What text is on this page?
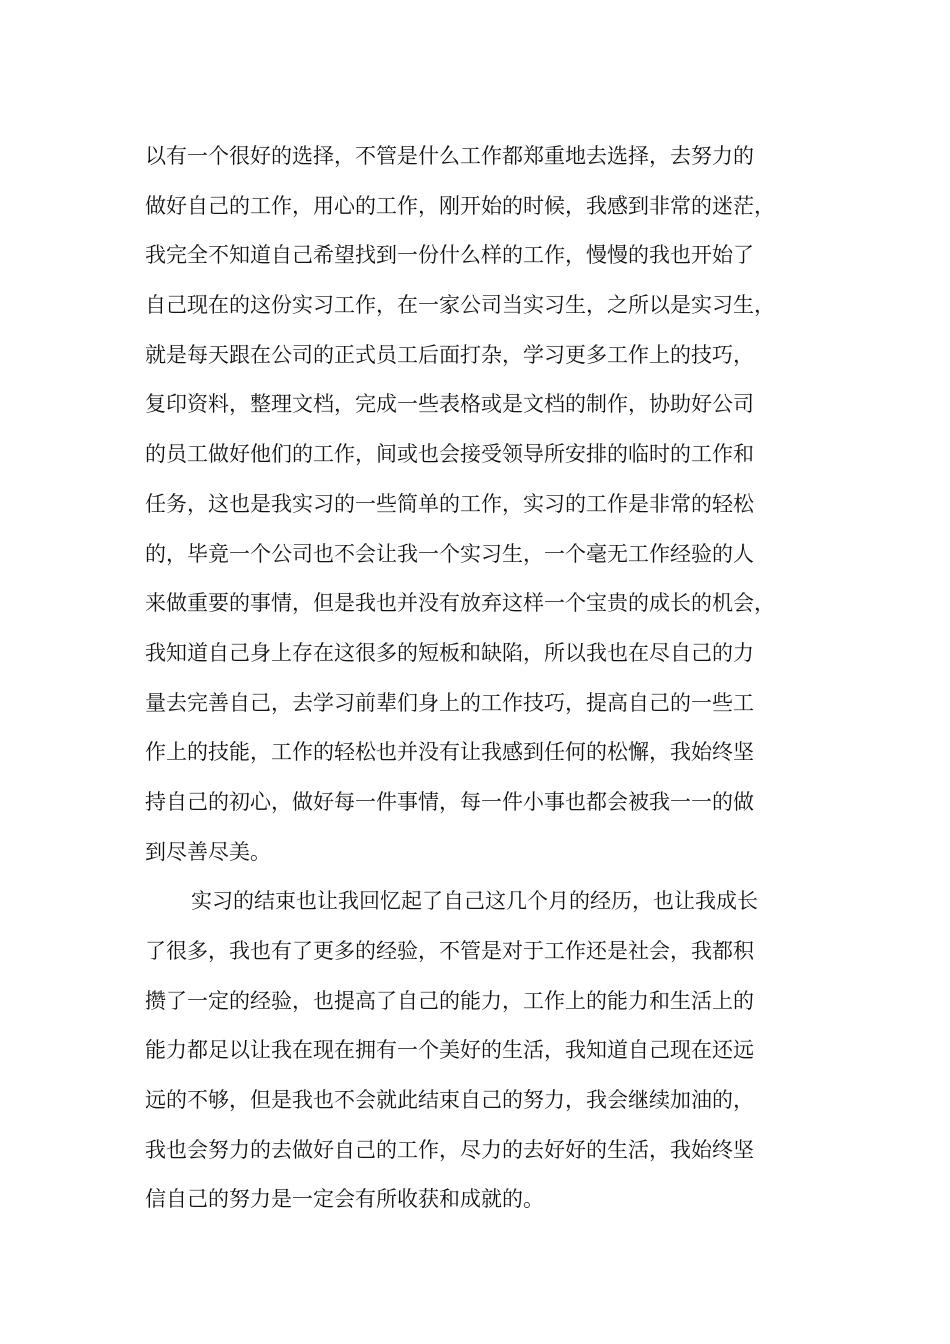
以有一个很好的选择，不管是什么工作都郑重地去选择，去努力的
做好自己的工作，用心的工作，刚开始的时候，我感到非常的迷茫，
我完全不知道自己希望找到一份什么样的工作，慢慢的我也开始了
自己现在的这份实习工作，在一家公司当实习生，之所以是实习生，
就是每天跟在公司的正式员工后面打杂，学习更多工作上的技巧，
复印资料，整理文档，完成一些表格或是文档的制作，协助好公司
的员工做好他们的工作，间或也会接受领导所安排的临时的工作和
任务，这也是我实习的一些简单的工作，实习的工作是非常的轻松
的，毕竟一个公司也不会让我一个实习生，一个毫无工作经验的人
来做重要的事情，但是我也并没有放弃这样一个宝贵的成长的机会，
我知道自己身上存在这很多的短板和缺陷，所以我也在尽自己的力
量去完善自己，去学习前辈们身上的工作技巧，提高自己的一些工
作上的技能，工作的轻松也并没有让我感到任何的松懈，我始终坚
持自己的初心，做好每一件事情，每一件小事也都会被我一一的做
到尽善尽美。
实习的结束也让我回忆起了自己这几个月的经历，也让我成长
了很多，我也有了更多的经验，不管是对于工作还是社会，我都积
攒了一定的经验，也提高了自己的能力，工作上的能力和生活上的
能力都足以让我在现在拥有一个美好的生活，我知道自己现在还远
远的不够，但是我也不会就此结束自己的努力，我会继续加油的，
我也会努力的去做好自己的工作，尽力的去好好的生活，我始终坚
信自己的努力是一定会有所收获和成就的。
